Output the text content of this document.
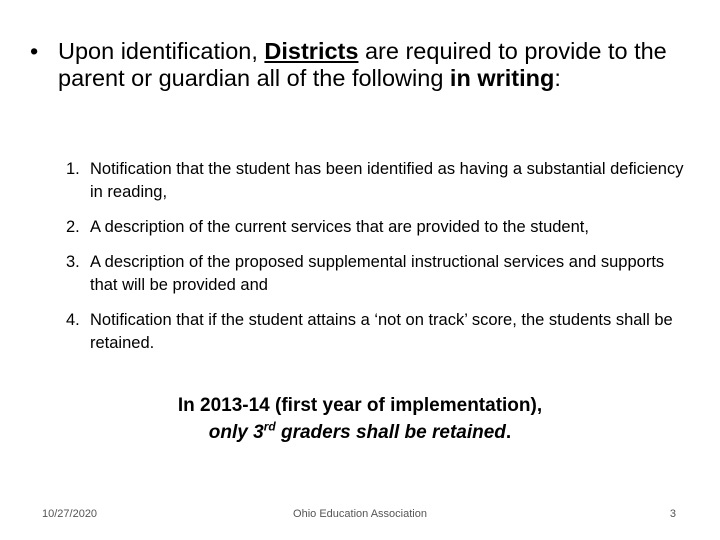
• Upon identification, Districts are required to provide to the parent or guardian all of the following in writing:
1. Notification that the student has been identified as having a substantial deficiency in reading,
2. A description of the current services that are provided to the student,
3. A description of the proposed supplemental instructional services and supports that will be provided and
4. Notification that if the student attains a ‘not on track’ score, the students shall be retained.
In 2013-14 (first year of implementation),
only 3rd graders shall be retained.
10/27/2020	Ohio Education Association	3
